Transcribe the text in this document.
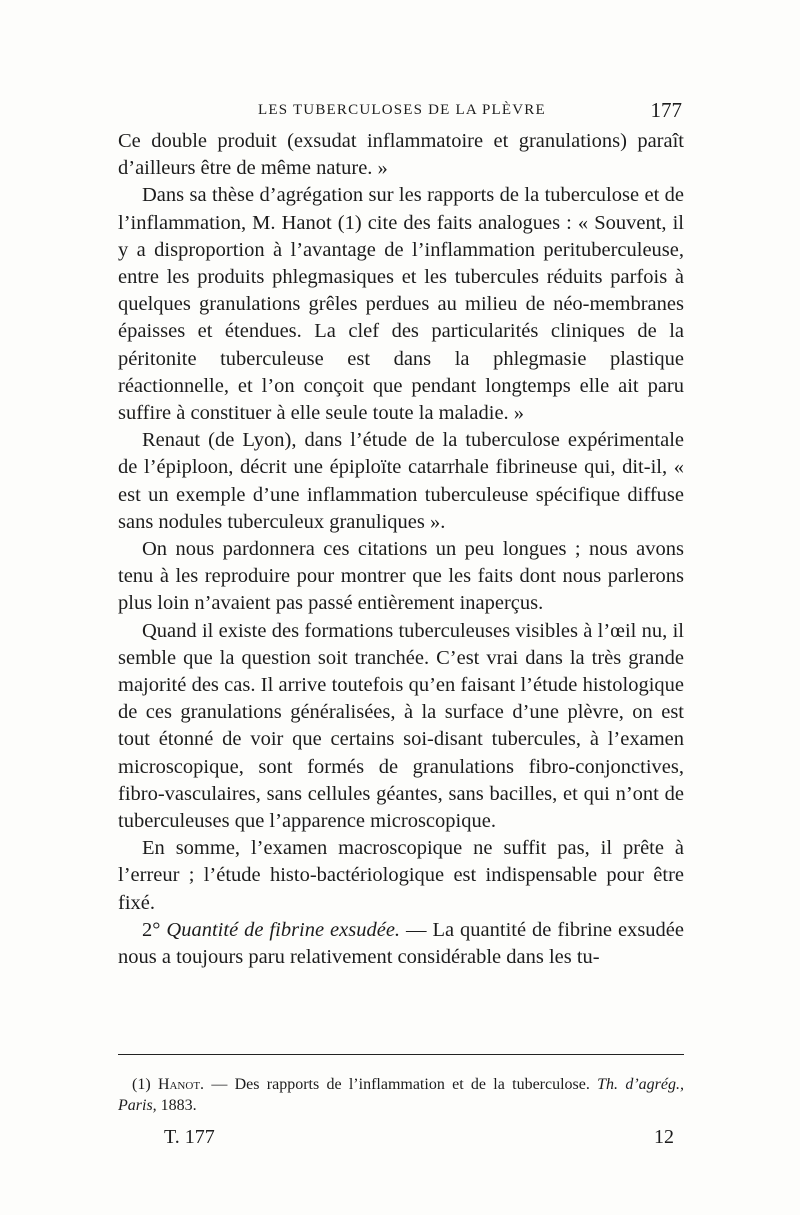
LES TUBERCULOSES DE LA PLÈVRE	177

Ce double produit (exsudat inflammatoire et granulations) paraît d’ailleurs être de même nature. »

Dans sa thèse d’agrégation sur les rapports de la tuberculose et de l’inflammation, M. Hanot (1) cite des faits analogues : « Souvent, il y a disproportion à l’avantage de l’inflammation perituberculeuse, entre les produits phlegmasiques et les tubercules réduits parfois à quelques granulations grêles perdues au milieu de néo-membranes épaisses et étendues. La clef des particularités cliniques de la péritonite tuberculeuse est dans la phlegmasie plastique réactionnelle, et l’on conçoit que pendant longtemps elle ait paru suffire à constituer à elle seule toute la maladie. »

Renaut (de Lyon), dans l’étude de la tuberculose expérimentale de l’épiploon, décrit une épiploïte catarrhale fibrineuse qui, dit-il, « est un exemple d’une inflammation tuberculeuse spécifique diffuse sans nodules tuberculeux granuliques ».

On nous pardonnera ces citations un peu longues ; nous avons tenu à les reproduire pour montrer que les faits dont nous parlerons plus loin n’avaient pas passé entièrement inaperçus.

Quand il existe des formations tuberculeuses visibles à l’œil nu, il semble que la question soit tranchée. C’est vrai dans la très grande majorité des cas. Il arrive toutefois qu’en faisant l’étude histologique de ces granulations généralisées, à la surface d’une plèvre, on est tout étonné de voir que certains soi-disant tubercules, à l’examen microscopique, sont formés de granulations fibro-conjonctives, fibro-vasculaires, sans cellules géantes, sans bacilles, et qui n’ont de tuberculeuses que l’apparence microscopique.

En somme, l’examen macroscopique ne suffit pas, il prête à l’erreur ; l’étude histo-bactériologique est indispensable pour être fixé.

2° Quantité de fibrine exsudée. — La quantité de fibrine exsudée nous a toujours paru relativement considérable dans les tu-

(1) Hanot. — Des rapports de l’inflammation et de la tuberculose. Th. d’agrég., Paris, 1883.

T. 177	12
